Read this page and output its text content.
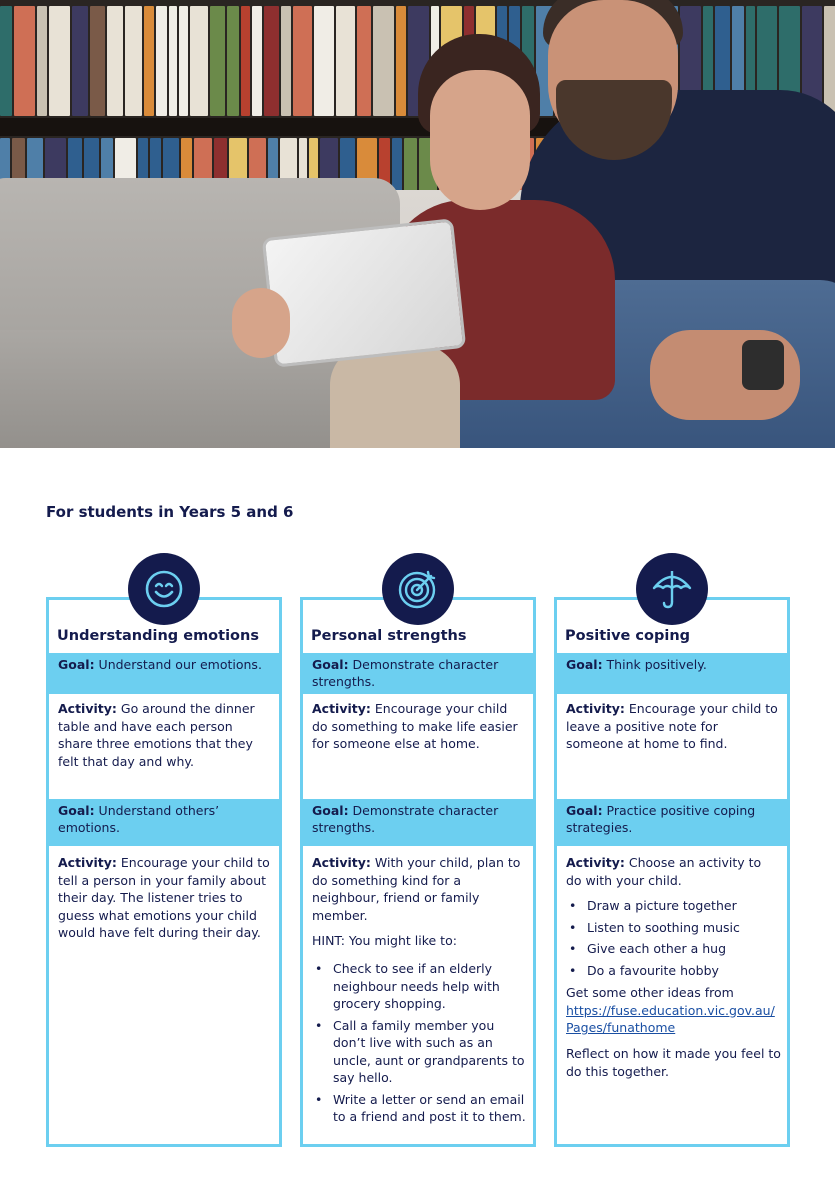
For students in Years 5 and 6
Understanding emotions
Goal: Understand our emotions.
Activity: Go around the dinner table and have each person share three emotions that they felt that day and why.
Goal: Understand others’ emotions.
Activity: Encourage your child to tell a person in your family about their day. The listener tries to guess what emotions your child would have felt during their day.
Personal strengths
Goal: Demonstrate character strengths.
Activity: Encourage your child do something to make life easier for someone else at home.
Goal: Demonstrate character strengths.
Activity: With your child, plan to do something kind for a neighbour, friend or family member.
HINT: You might like to:
• Check to see if an elderly neighbour needs help with grocery shopping.
• Call a family member you don’t live with such as an uncle, aunt or grandparents to say hello.
• Write a letter or send an email to a friend and post it to them.
Positive coping
Goal: Think positively.
Activity: Encourage your child to leave a positive note for someone at home to find.
Goal: Practice positive coping strategies.
Activity: Choose an activity to do with your child.
• Draw a picture together
• Listen to soothing music
• Give each other a hug
• Do a favourite hobby
Get some other ideas from
https://fuse.education.vic.gov.au/Pages/funathome
Reflect on how it made you feel to do this together.
